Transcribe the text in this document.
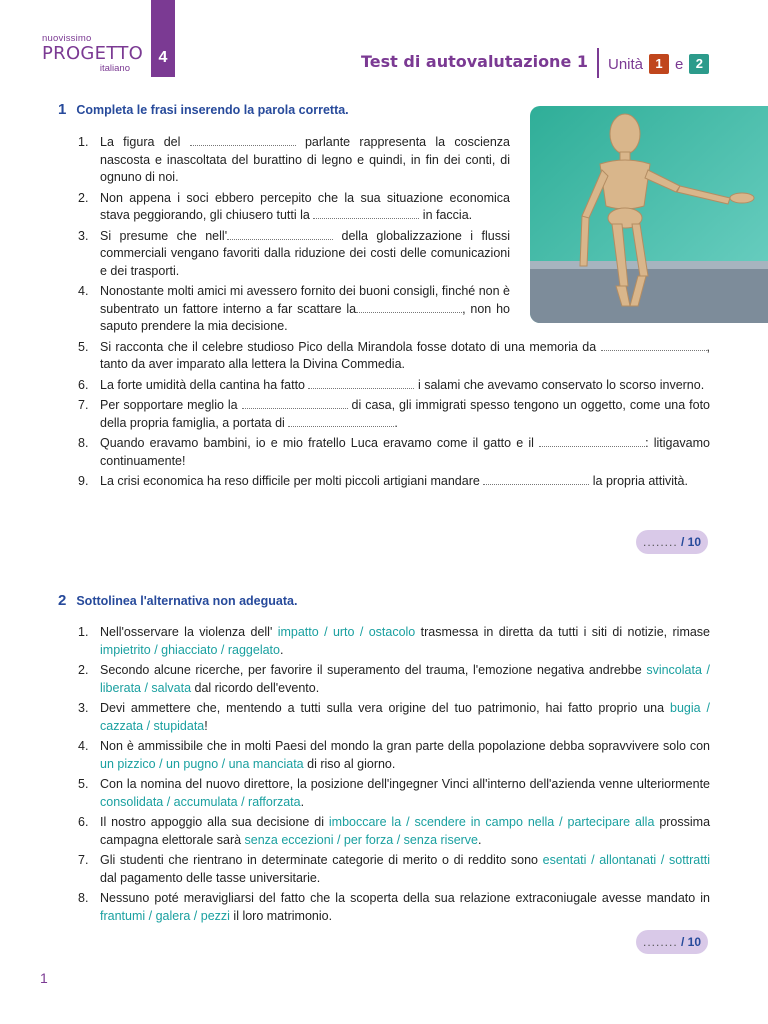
4
nuovissimo
PROGETTO
italiano	Test di autovalutazione 1 Unità 1 e 2
1 Completa le frasi inserendo la parola corretta.
1. La figura del	parlante rappresenta la coscienza nascosta e inascoltata del burattino di legno e quindi, in fin dei conti, di ognuno di noi.
2. Non appena i soci ebbero percepito che la sua situazione economica stava peggiorando, gli chiusero tutti la	in faccia.
3. Si presume che nell'	della globalizzazione i flussi commerciali vengano favoriti dalla riduzione dei costi delle comunicazioni e dei trasporti.
4. Nonostante molti amici mi avessero fornito dei buoni consigli, finché non è subentrato un fattore interno a far scattare la	, non ho saputo prendere la mia decisione.
5. Si racconta che il celebre studioso Pico della Mirandola fosse dotato di una memoria da	, tanto da aver imparato alla lettera la Divina Commedia.
6. La forte umidità della cantina ha fatto	i salami che avevamo conservato lo scorso inverno.
7. Per sopportare meglio la	di casa, gli immigrati spesso tengono un oggetto, come una foto della propria famiglia, a portata di	.
8. Quando eravamo bambini, io e mio fratello Luca eravamo come il gatto e il	: litigavamo continuamente!
9. La crisi economica ha reso difficile per molti piccoli artigiani mandare	la propria attività.
........ / 10
2 Sottolinea l'alternativa non adeguata.
1. Nell'osservare la violenza dell' impatto / urto / ostacolo trasmessa in diretta da tutti i siti di notizie, rimase impietrito / ghiacciato / raggelato.
2. Secondo alcune ricerche, per favorire il superamento del trauma, l'emozione negativa andrebbe svincolata / liberata / salvata dal ricordo dell'evento.
3. Devi ammettere che, mentendo a tutti sulla vera origine del tuo patrimonio, hai fatto proprio una bugia / cazzata / stupidata!
4. Non è ammissibile che in molti Paesi del mondo la gran parte della popolazione debba sopravvivere solo con un pizzico / un pugno / una manciata di riso al giorno.
5. Con la nomina del nuovo direttore, la posizione dell'ingegner Vinci all'interno dell'azienda venne ulteriormente consolidata / accumulata / rafforzata.
6. Il nostro appoggio alla sua decisione di imboccare la / scendere in campo nella / partecipare alla prossima campagna elettorale sarà senza eccezioni / per forza / senza riserve.
7. Gli studenti che rientrano in determinate categorie di merito o di reddito sono esentati / allontanati / sottratti dal pagamento delle tasse universitarie.
8. Nessuno poté meravigliarsi del fatto che la scoperta della sua relazione extraconiugale avesse mandato in frantumi / galera / pezzi il loro matrimonio.
........ / 10
1
